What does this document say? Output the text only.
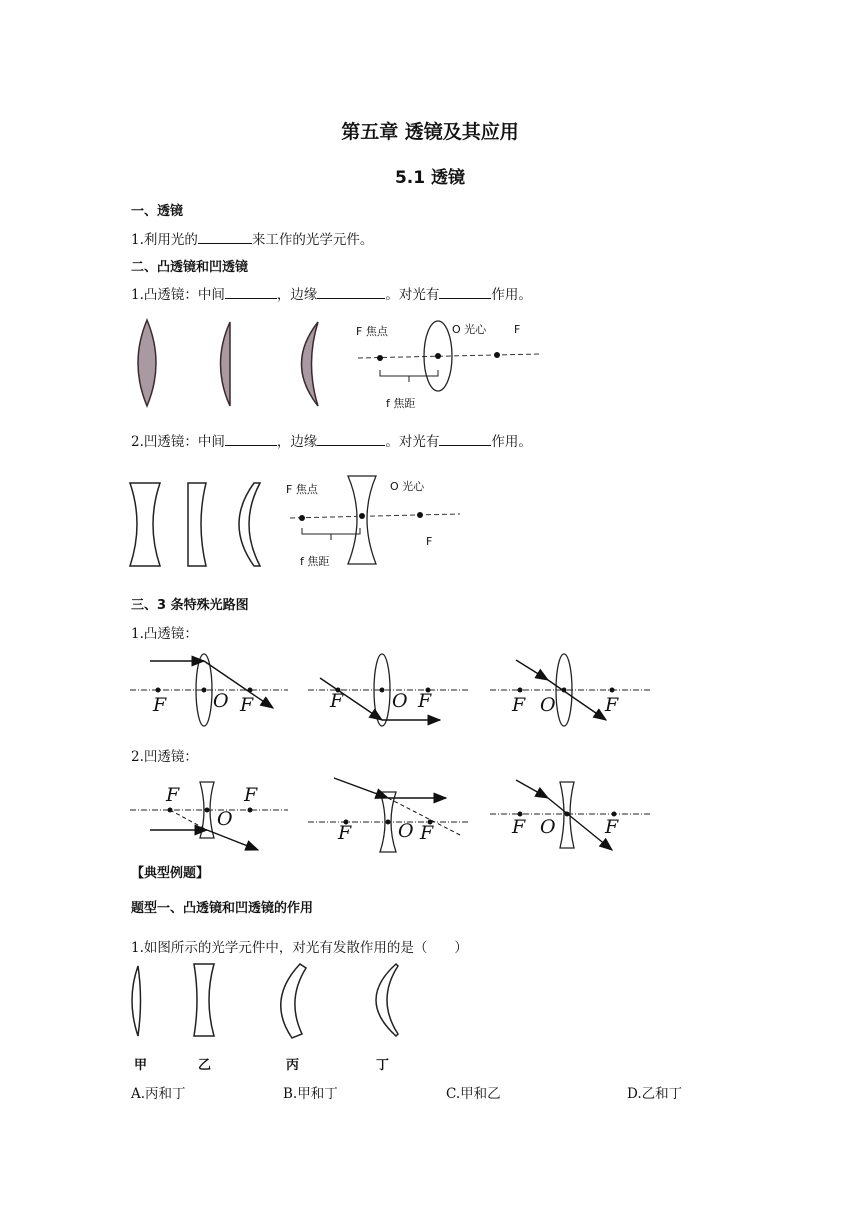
第五章 透镜及其应用
5.1 透镜
一、透镜
1.利用光的	来工作的光学元件。
二、凸透镜和凹透镜
1.凸透镜：中间	，边缘	。对光有	作用。
F 焦点	O 光心	F
f 焦距
2.凹透镜：中间	，边缘	。对光有	作用。
F 焦点	O 光心
F
f 焦距
三、3 条特殊光路图
1.凸透镜：
F O F	F	O F	F O	F
2.凹透镜：
F
O
F
F O F	F O	F
【典型例题】
题型一、凸透镜和凹透镜的作用
1.如图所示的光学元件中，对光有发散作用的是（　　）
甲	乙	丙	丁
A.丙和丁	B.甲和丁	C.甲和乙	D.乙和丁
